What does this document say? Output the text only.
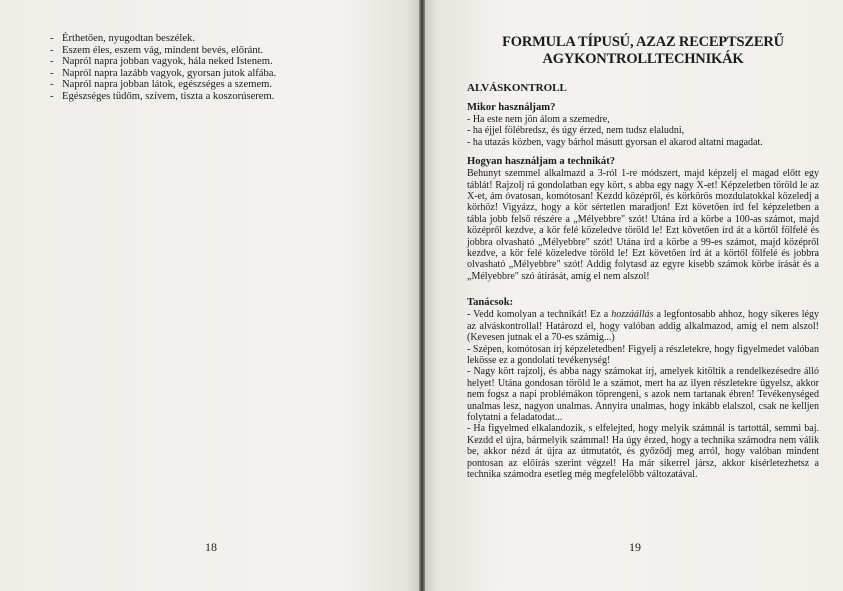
- Érthetően, nyugodtan beszélek.
- Eszem éles, eszem vág, mindent bevés, előránt.
- Napról napra jobban vagyok, hála neked Istenem.
- Napról napra lazább vagyok, gyorsan jutok alfába.
- Napról napra jobban látok, egészséges a szemem.
- Egészséges tüdőm, szívem, tiszta a koszorúserem.
18
FORMULA TÍPUSÚ, AZAZ RECEPTSZERŰ
AGYKONTROLLTECHNIKÁK
ALVÁSKONTROLL
Mikor használjam?

- Ha este nem jön álom a szemedre,

- ha éjjel fölébredsz, és úgy érzed, nem tudsz elaludni,

- ha utazás közben, vagy bárhol másutt gyorsan el akarod altatni magadat.

Hogyan használjam a technikát?

Behunyt szemmel alkalmazd a 3-ról 1-re módszert, majd képzelj el magad előtt egy táblát! Rajzolj rá gondolatban egy kört, s abba egy nagy X-et! Képzeletben töröld le az X-et, ám óvatosan, komótosan! Kezdd középről, és körkörös mozdulatokkal közeledj a körhöz! Vigyázz, hogy a kör sértetlen maradjon! Ezt követően írd fel képzeletben a tábla jobb felső részére a „Mélyebbre" szót! Utána írd a körbe a 100-as számot, majd középről kezdve, a kör felé közeledve töröld le! Ezt követően írd át a körtől fölfelé és jobbra olvasható „Mélyebbre" szót! Utána írd a körbe a 99-es számot, majd középről kezdve, a kör felé közeledve töröld le! Ezt követően írd át a körtől fölfelé és jobbra olvasható „Mélyebbre" szót! Addig folytasd az egyre kisebb számok körbe írását és a „Mélyebbre" szó átírását, amíg el nem alszol!

Tanácsok:

- Vedd komolyan a technikát! Ez a hozzáállás a legfontosabb ahhoz, hogy sikeres légy az alváskontrollal! Határozd el, hogy valóban addig alkalmazod, amíg el nem alszol! (Kevesen jutnak el a 70-es számig...)

- Szépen, komótosan írj képzeletedben! Figyelj a részletekre, hogy figyelmedet valóban lekösse ez a gondolati tevékenység!

- Nagy kört rajzolj, és abba nagy számokat írj, amelyek kitöltik a rendelkezésedre álló helyet! Utána gondosan töröld le a számot, mert ha az ilyen részletekre ügyelsz, akkor nem fogsz a napi problémákon töprengeni, s azok nem tartanak ébren! Tevékenységed unalmas lesz, nagyon unalmas. Annyira unalmas, hogy inkább elalszol, csak ne kelljen folytatni a feladatodat...

- Ha figyelmed elkalandozik, s elfelejted, hogy melyik számnál is tartottál, semmi baj. Kezdd el újra, bármelyik számmal! Ha úgy érzed, hogy a technika számodra nem válik be, akkor nézd át újra az útmutatót, és győződj meg arról, hogy valóban mindent pontosan az előírás szerint végzel! Ha már sikerrel jársz, akkor kísérletezhetsz a technika számodra esetleg még megfelelőbb változatával.

19
